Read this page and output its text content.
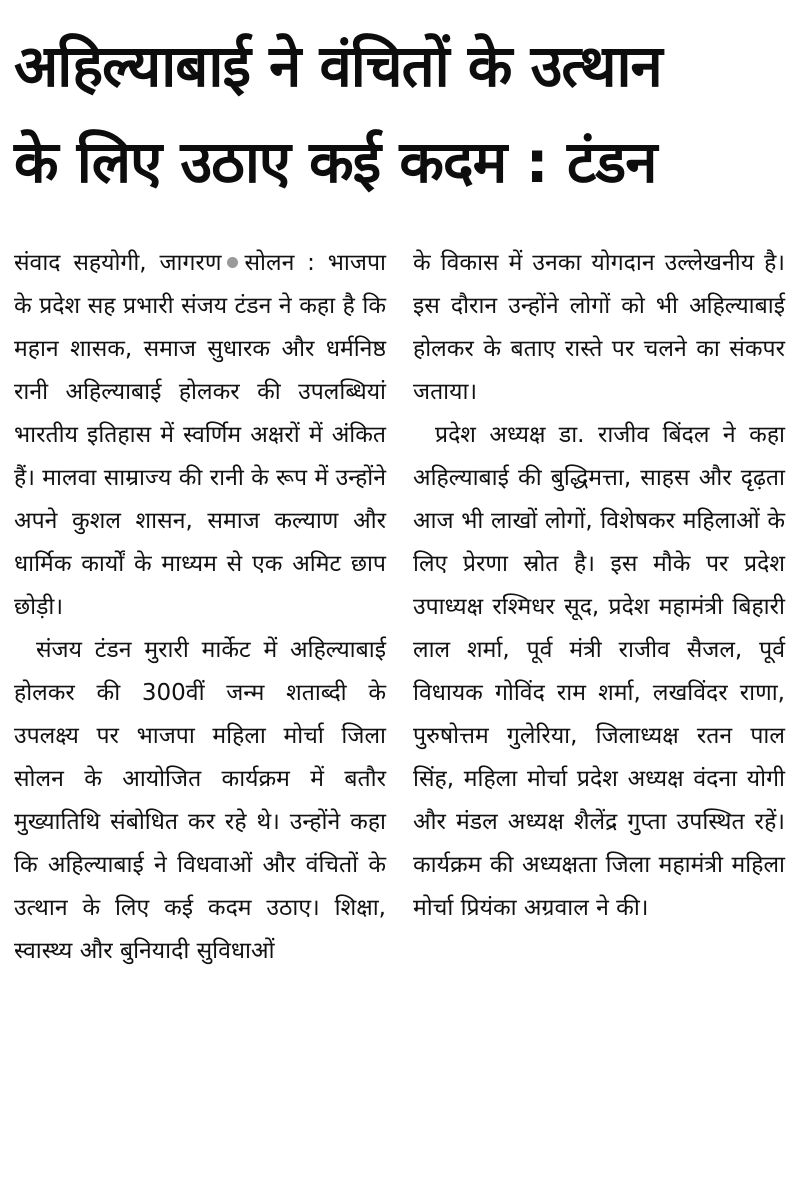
अहिल्याबाई ने वंचितों के उत्थान
के लिए उठाए कई कदम : टंडन

संवाद सहयोगी, जागरण सोलन : भाजपा के प्रदेश सह प्रभारी संजय टंडन ने कहा है कि महान शासक, समाज सुधारक और धर्मनिष्ठ रानी अहिल्याबाई होलकर की उपलब्धियां भारतीय इतिहास में स्वर्णिम अक्षरों में अंकित हैं। मालवा साम्राज्य की रानी के रूप में उन्होंने अपने कुशल शासन, समाज कल्याण और धार्मिक कार्यों के माध्यम से एक अमिट छाप छोड़ी।

संजय टंडन मुरारी मार्केट में अहिल्याबाई होलकर की 300वीं जन्म शताब्दी के उपलक्ष्य पर भाजपा महिला मोर्चा जिला सोलन के आयोजित कार्यक्रम में बतौर मुख्यातिथि संबोधित कर रहे थे। उन्होंने कहा कि अहिल्याबाई ने विधवाओं और वंचितों के उत्थान के लिए कई कदम उठाए। शिक्षा, स्वास्थ्य और बुनियादी सुविधाओं

के विकास में उनका योगदान उल्लेखनीय है। इस दौरान उन्होंने लोगों को भी अहिल्याबाई होलकर के बताए रास्ते पर चलने का संकपर जताया।

प्रदेश अध्यक्ष डा. राजीव बिंदल ने कहा अहिल्याबाई की बुद्धिमत्ता, साहस और दृढ़ता आज भी लाखों लोगों, विशेषकर महिलाओं के लिए प्रेरणा स्रोत है। इस मौके पर प्रदेश उपाध्यक्ष रश्मिधर सूद, प्रदेश महामंत्री बिहारी लाल शर्मा, पूर्व मंत्री राजीव सैजल, पूर्व विधायक गोविंद राम शर्मा, लखविंदर राणा, पुरुषोत्तम गुलेरिया, जिलाध्यक्ष रतन पाल सिंह, महिला मोर्चा प्रदेश अध्यक्ष वंदना योगी और मंडल अध्यक्ष शैलेंद्र गुप्ता उपस्थित रहें। कार्यक्रम की अध्यक्षता जिला महामंत्री महिला मोर्चा प्रियंका अग्रवाल ने की।
